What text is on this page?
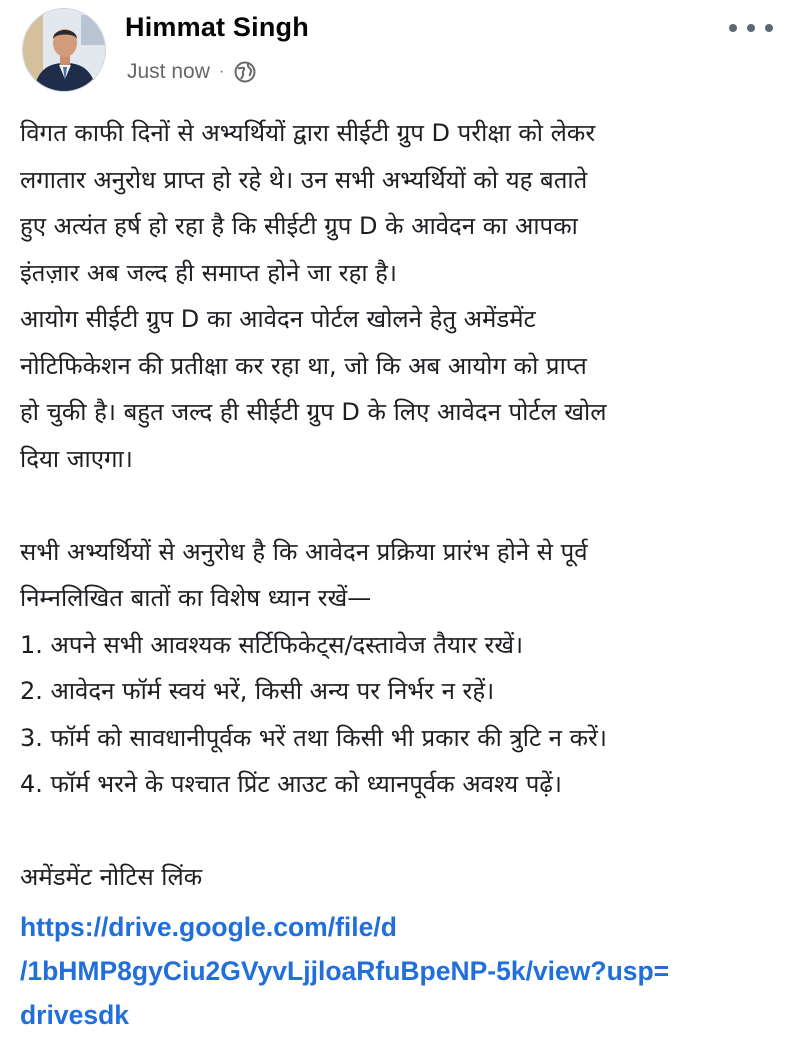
Himmat Singh
Just now ·

विगत काफी दिनों से अभ्यर्थियों द्वारा सीईटी ग्रुप D परीक्षा को लेकर

लगातार अनुरोध प्राप्त हो रहे थे। उन सभी अभ्यर्थियों को यह बताते

हुए अत्यंत हर्ष हो रहा है कि सीईटी ग्रुप D के आवेदन का आपका

इंतज़ार अब जल्द ही समाप्त होने जा रहा है।

आयोग सीईटी ग्रुप D का आवेदन पोर्टल खोलने हेतु अमेंडमेंट

नोटिफिकेशन की प्रतीक्षा कर रहा था, जो कि अब आयोग को प्राप्त

हो चुकी है। बहुत जल्द ही सीईटी ग्रुप D के लिए आवेदन पोर्टल खोल

दिया जाएगा।

सभी अभ्यर्थियों से अनुरोध है कि आवेदन प्रक्रिया प्रारंभ होने से पूर्व

निम्नलिखित बातों का विशेष ध्यान रखें—

1. अपने सभी आवश्यक सर्टिफिकेट्स/दस्तावेज तैयार रखें।

2. आवेदन फॉर्म स्वयं भरें, किसी अन्य पर निर्भर न रहें।

3. फॉर्म को सावधानीपूर्वक भरें तथा किसी भी प्रकार की त्रुटि न करें।

4. फॉर्म भरने के पश्चात प्रिंट आउट को ध्यानपूर्वक अवश्य पढ़ें।

अमेंडमेंट नोटिस लिंक

https://drive.google.com/file/d
/1bHMP8gyCiu2GVyvLjjloaRfuBpeNP-5k/view?usp=
drivesdk
